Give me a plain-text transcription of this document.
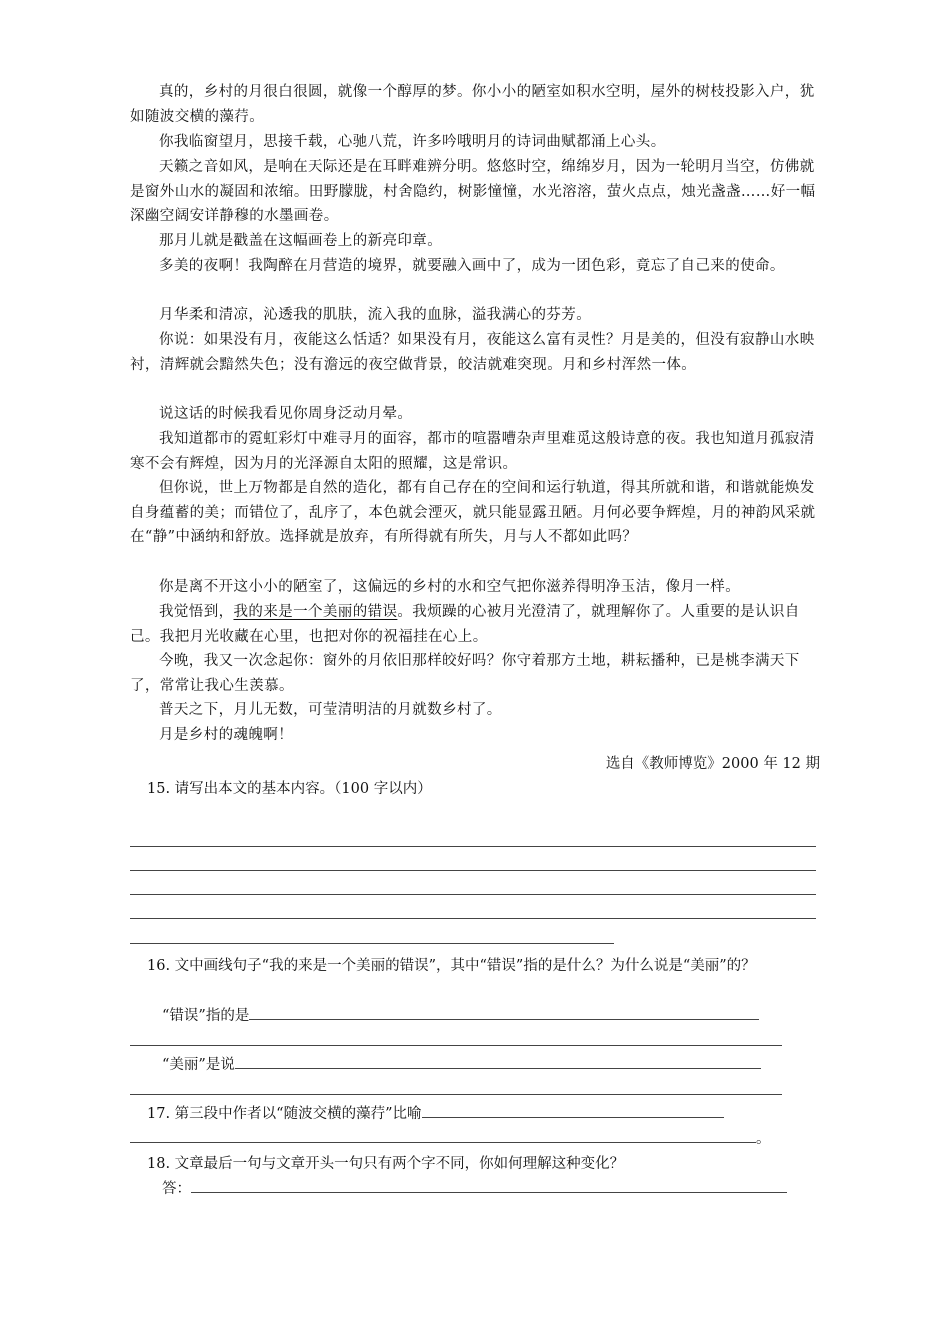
真的，乡村的月很白很圆，就像一个醇厚的梦。你小小的陋室如积水空明，屋外的树枝投影入户，犹如随波交横的藻荇。

你我临窗望月，思接千载，心驰八荒，许多吟哦明月的诗词曲赋都涌上心头。

天籁之音如风，是响在天际还是在耳畔难辨分明。悠悠时空，绵绵岁月，因为一轮明月当空，仿佛就是窗外山水的凝固和浓缩。田野朦胧，村舍隐约，树影憧憧，水光溶溶，萤火点点，烛光盏盏……好一幅深幽空阔安详静穆的水墨画卷。

那月儿就是戳盖在这幅画卷上的新亮印章。

多美的夜啊！我陶醉在月营造的境界，就要融入画中了，成为一团色彩，竟忘了自己来的使命。

月华柔和清凉，沁透我的肌肤，流入我的血脉，溢我满心的芬芳。

你说：如果没有月，夜能这么恬适？如果没有月，夜能这么富有灵性？月是美的，但没有寂静山水映衬，清辉就会黯然失色；没有澹远的夜空做背景，皎洁就难突现。月和乡村浑然一体。

说这话的时候我看见你周身泛动月晕。

我知道都市的霓虹彩灯中难寻月的面容，都市的喧嚣嘈杂声里难觅这般诗意的夜。我也知道月孤寂清寒不会有辉煌，因为月的光泽源自太阳的照耀，这是常识。

但你说，世上万物都是自然的造化，都有自己存在的空间和运行轨道，得其所就和谐，和谐就能焕发自身蕴蓄的美；而错位了，乱序了，本色就会湮灭，就只能显露丑陋。月何必要争辉煌，月的神韵风采就在“静”中涵纳和舒放。选择就是放弃，有所得就有所失，月与人不都如此吗？

你是离不开这小小的陋室了，这偏远的乡村的水和空气把你滋养得明净玉洁，像月一样。

我觉悟到，我的来是一个美丽的错误。我烦躁的心被月光澄清了，就理解你了。人重要的是认识自己。我把月光收藏在心里，也把对你的祝福挂在心上。

今晚，我又一次念起你：窗外的月依旧那样皎好吗？你守着那方土地，耕耘播种，已是桃李满天下了，常常让我心生羡慕。

普天之下，月儿无数，可莹清明洁的月就数乡村了。

月是乡村的魂魄啊！

选自《教师博览》2000 年 12 期
15. 请写出本文的基本内容。（100 字以内）
16. 文中画线句子“我的来是一个美丽的错误”，其中“错误”指的是什么？为什么说是“美丽”的？
“错误”指的是
“美丽”是说
17. 第三段中作者以“随波交横的藻荇”比喻
。
18. 文章最后一句与文章开头一句只有两个字不同，你如何理解这种变化？
答：
